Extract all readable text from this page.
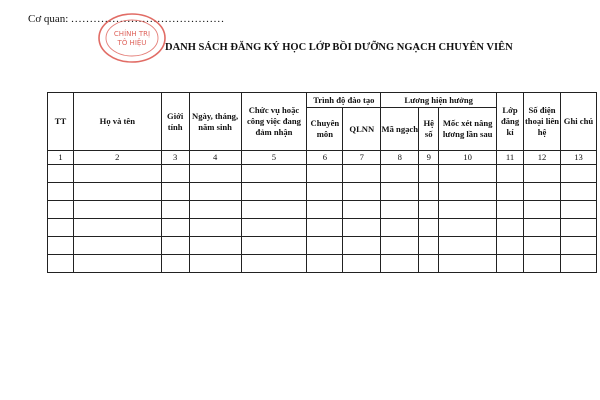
Cơ quan: .........................................
CHÍNH TRỊ
TÔ HIỆU DANH SÁCH ĐĂNG KÝ HỌC LỚP BỒI DƯỠNG NGẠCH CHUYÊN VIÊN
TT	Họ và tên	Giới tính	Ngày, tháng, năm sinh	Chức vụ hoặc công việc đang đảm nhận	Trình độ đào tạo		Lương hiện hưởng			Lớp đăng kí	Số điện thoại liên hệ	Ghi chú
					Chuyên môn	QLNN	Mã ngạch	Hệ số	Mốc xét nâng lương lần sau			
1	2	3	4	5	6	7	8	9	10	11	12	13
